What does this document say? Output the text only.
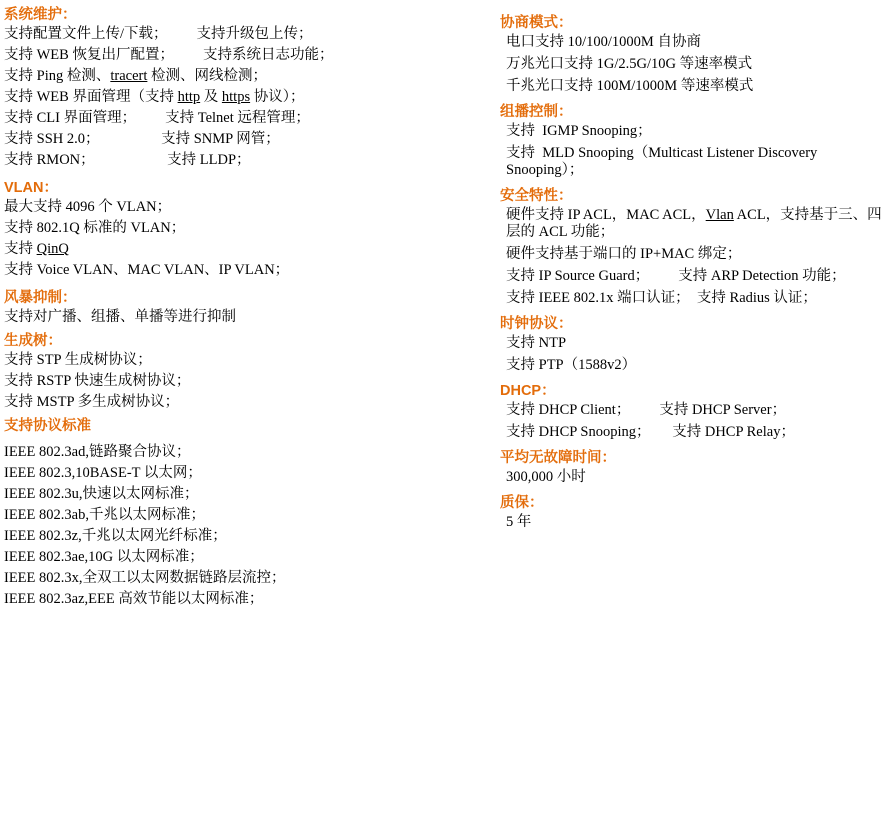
系统维护：
支持配置文件上传/下载；        支持升级包上传；
支持 WEB 恢复出厂配置；        支持系统日志功能；
支持 Ping 检测、tracert 检测、网线检测；
支持 WEB 界面管理（支持 http 及 https 协议）；
支持 CLI 界面管理；        支持 Telnet 远程管理；
支持 SSH 2.0；                 支持 SNMP 网管；
支持 RMON；                    支持 LLDP；
VLAN：
最大支持 4096 个 VLAN；
支持 802.1Q 标准的 VLAN；
支持 QinQ
支持 Voice VLAN、MAC VLAN、IP VLAN；
风暴抑制：
支持对广播、组播、单播等进行抑制
生成树：
支持 STP 生成树协议；
支持 RSTP 快速生成树协议；
支持 MSTP 多生成树协议；
支持协议标准
IEEE 802.3ad,链路聚合协议；
IEEE 802.3,10BASE-T 以太网；
IEEE 802.3u,快速以太网标准；
IEEE 802.3ab,千兆以太网标准；
IEEE 802.3z,千兆以太网光纤标准；
IEEE 802.3ae,10G 以太网标准；
IEEE 802.3x,全双工以太网数据链路层流控；
IEEE 802.3az,EEE 高效节能以太网标准；
协商模式：
电口支持 10/100/1000M 自协商
万兆光口支持 1G/2.5G/10G 等速率模式
千兆光口支持 100M/1000M 等速率模式
组播控制：
支持  IGMP Snooping；
支持  MLD Snooping（Multicast Listener Discovery Snooping）；
安全特性：
硬件支持 IP ACL，MAC ACL，Vlan ACL，支持基于三、四层的 ACL 功能；
硬件支持基于端口的 IP+MAC 绑定；
支持 IP Source Guard；        支持 ARP Detection 功能；
支持 IEEE 802.1x 端口认证；  支持 Radius 认证；
时钟协议：
支持 NTP
支持 PTP（1588v2）
DHCP：
支持 DHCP Client；        支持 DHCP Server；
支持 DHCP Snooping；      支持 DHCP Relay；
平均无故障时间：
300,000 小时
质保：
5 年
